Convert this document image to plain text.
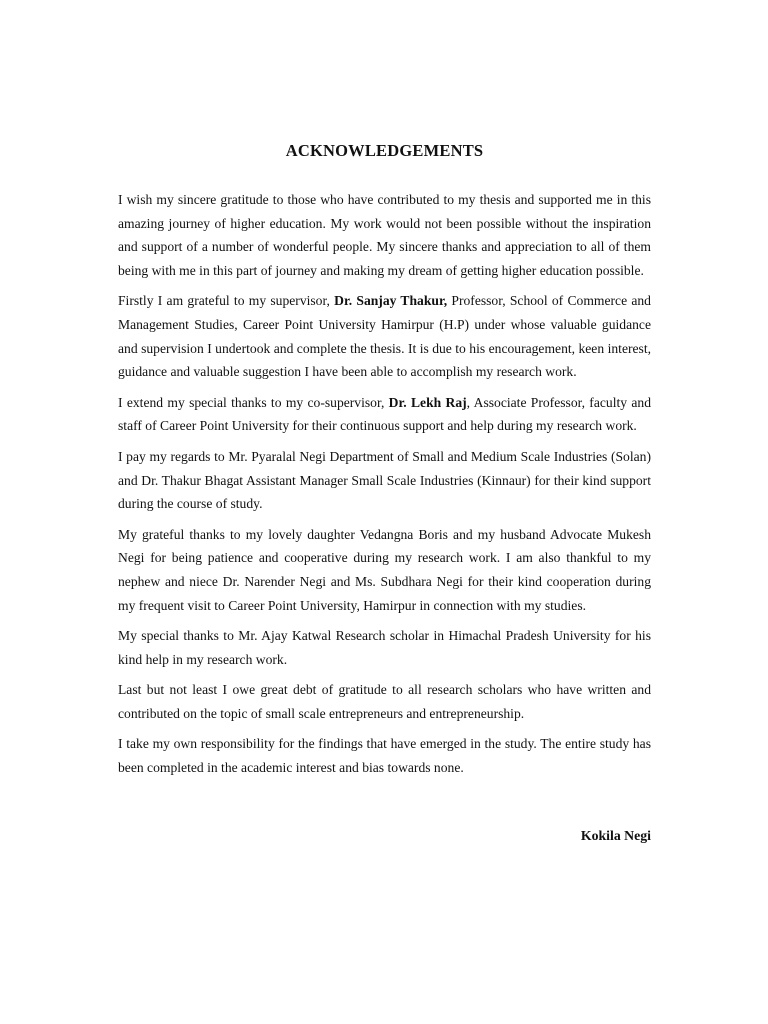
ACKNOWLEDGEMENTS

I wish my sincere gratitude to those who have contributed to my thesis and supported me in this amazing journey of higher education. My work would not been possible without the inspiration and support of a number of wonderful people. My sincere thanks and appreciation to all of them being with me in this part of journey and making my dream of getting higher education possible.

Firstly I am grateful to my supervisor, Dr. Sanjay Thakur, Professor, School of Commerce and Management Studies, Career Point University Hamirpur (H.P) under whose valuable guidance and supervision I undertook and complete the thesis. It is due to his encouragement, keen interest, guidance and valuable suggestion I have been able to accomplish my research work.

I extend my special thanks to my co-supervisor, Dr. Lekh Raj, Associate Professor, faculty and staff of Career Point University for their continuous support and help during my research work.

I pay my regards to Mr. Pyaralal Negi Department of Small and Medium Scale Industries (Solan) and Dr. Thakur Bhagat Assistant Manager Small Scale Industries (Kinnaur) for their kind support during the course of study.

My grateful thanks to my lovely daughter Vedangna Boris and my husband Advocate Mukesh Negi for being patience and cooperative during my research work. I am also thankful to my nephew and niece Dr. Narender Negi and Ms. Subdhara Negi for their kind cooperation during my frequent visit to Career Point University, Hamirpur in connection with my studies.

My special thanks to Mr. Ajay Katwal Research scholar in Himachal Pradesh University for his kind help in my research work.

Last but not least I owe great debt of gratitude to all research scholars who have written and contributed on the topic of small scale entrepreneurs and entrepreneurship.

I take my own responsibility for the findings that have emerged in the study. The entire study has been completed in the academic interest and bias towards none.

Kokila Negi
